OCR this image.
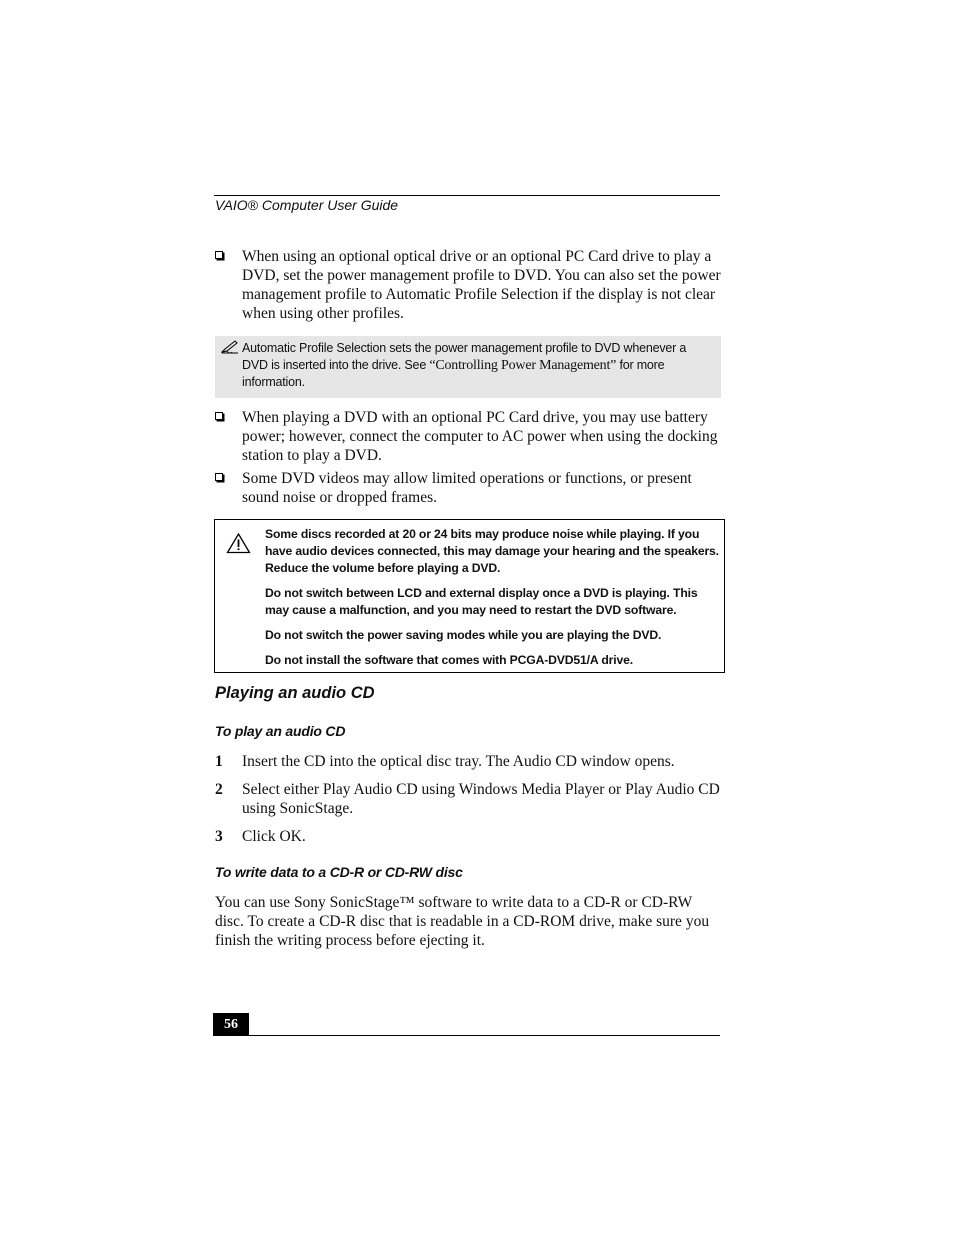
VAIO® Computer User Guide
When using an optional optical drive or an optional PC Card drive to play a DVD, set the power management profile to DVD. You can also set the power management profile to Automatic Profile Selection if the display is not clear when using other profiles.
Automatic Profile Selection sets the power management profile to DVD whenever a DVD is inserted into the drive. See “Controlling Power Management” for more information.
When playing a DVD with an optional PC Card drive, you may use battery power; however, connect the computer to AC power when using the docking station to play a DVD.
Some DVD videos may allow limited operations or functions, or present sound noise or dropped frames.

Some discs recorded at 20 or 24 bits may produce noise while playing. If you have audio devices connected, this may damage your hearing and the speakers. Reduce the volume before playing a DVD.

Do not switch between LCD and external display once a DVD is playing. This may cause a malfunction, and you may need to restart the DVD software.

Do not switch the power saving modes while you are playing the DVD.

Do not install the software that comes with PCGA-DVD51/A drive.

Playing an audio CD
To play an audio CD
1 Insert the CD into the optical disc tray. The Audio CD window opens.
2 Select either Play Audio CD using Windows Media Player or Play Audio CD using SonicStage.
3 Click OK.
To write data to a CD-R or CD-RW disc
You can use Sony SonicStage™ software to write data to a CD-R or CD-RW disc. To create a CD-R disc that is readable in a CD-ROM drive, make sure you finish the writing process before ejecting it.
56
